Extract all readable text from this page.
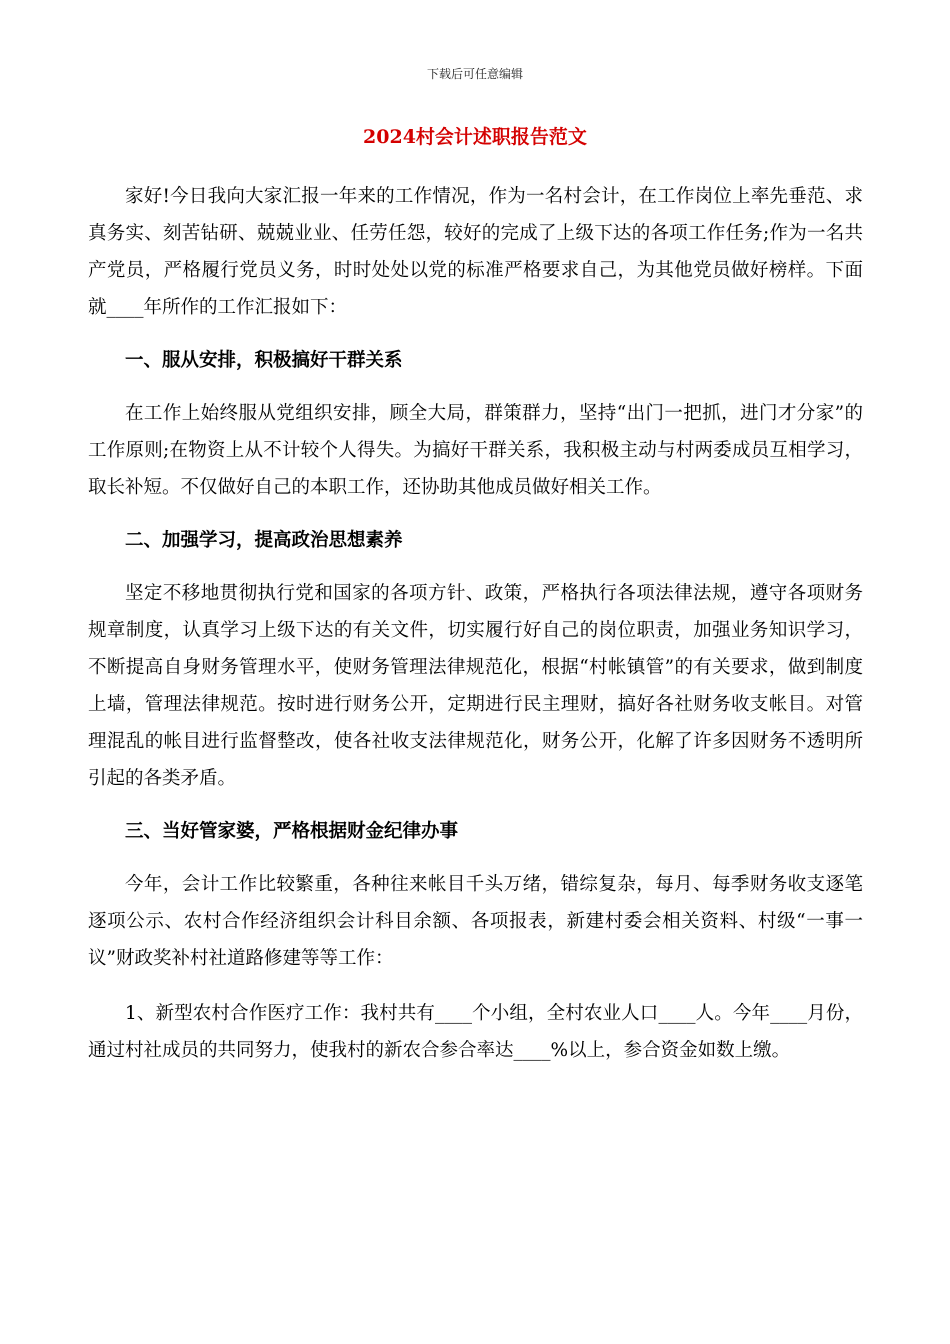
下载后可任意编辑
2024村会计述职报告范文

家好!今日我向大家汇报一年来的工作情况，作为一名村会计，在工作岗位上率先垂范、求真务实、刻苦钻研、兢兢业业、任劳任怨，较好的完成了上级下达的各项工作任务;作为一名共产党员，严格履行党员义务，时时处处以党的标准严格要求自己，为其他党员做好榜样。下面就____年所作的工作汇报如下：

一、服从安排，积极搞好干群关系

在工作上始终服从党组织安排，顾全大局，群策群力，坚持“出门一把抓，进门才分家”的工作原则;在物资上从不计较个人得失。为搞好干群关系，我积极主动与村两委成员互相学习，取长补短。不仅做好自己的本职工作，还协助其他成员做好相关工作。

二、加强学习，提高政治思想素养

坚定不移地贯彻执行党和国家的各项方针、政策，严格执行各项法律法规，遵守各项财务规章制度，认真学习上级下达的有关文件，切实履行好自己的岗位职责，加强业务知识学习，不断提高自身财务管理水平，使财务管理法律规范化，根据“村帐镇管”的有关要求，做到制度上墙，管理法律规范。按时进行财务公开，定期进行民主理财，搞好各社财务收支帐目。对管理混乱的帐目进行监督整改，使各社收支法律规范化，财务公开，化解了许多因财务不透明所引起的各类矛盾。

三、当好管家婆，严格根据财金纪律办事

今年，会计工作比较繁重，各种往来帐目千头万绪，错综复杂，每月、每季财务收支逐笔逐项公示、农村合作经济组织会计科目余额、各项报表，新建村委会相关资料、村级“一事一议”财政奖补村社道路修建等等工作：

1、新型农村合作医疗工作：我村共有____个小组，全村农业人口____人。今年____月份，通过村社成员的共同努力，使我村的新农合参合率达____%以上，参合资金如数上缴。
